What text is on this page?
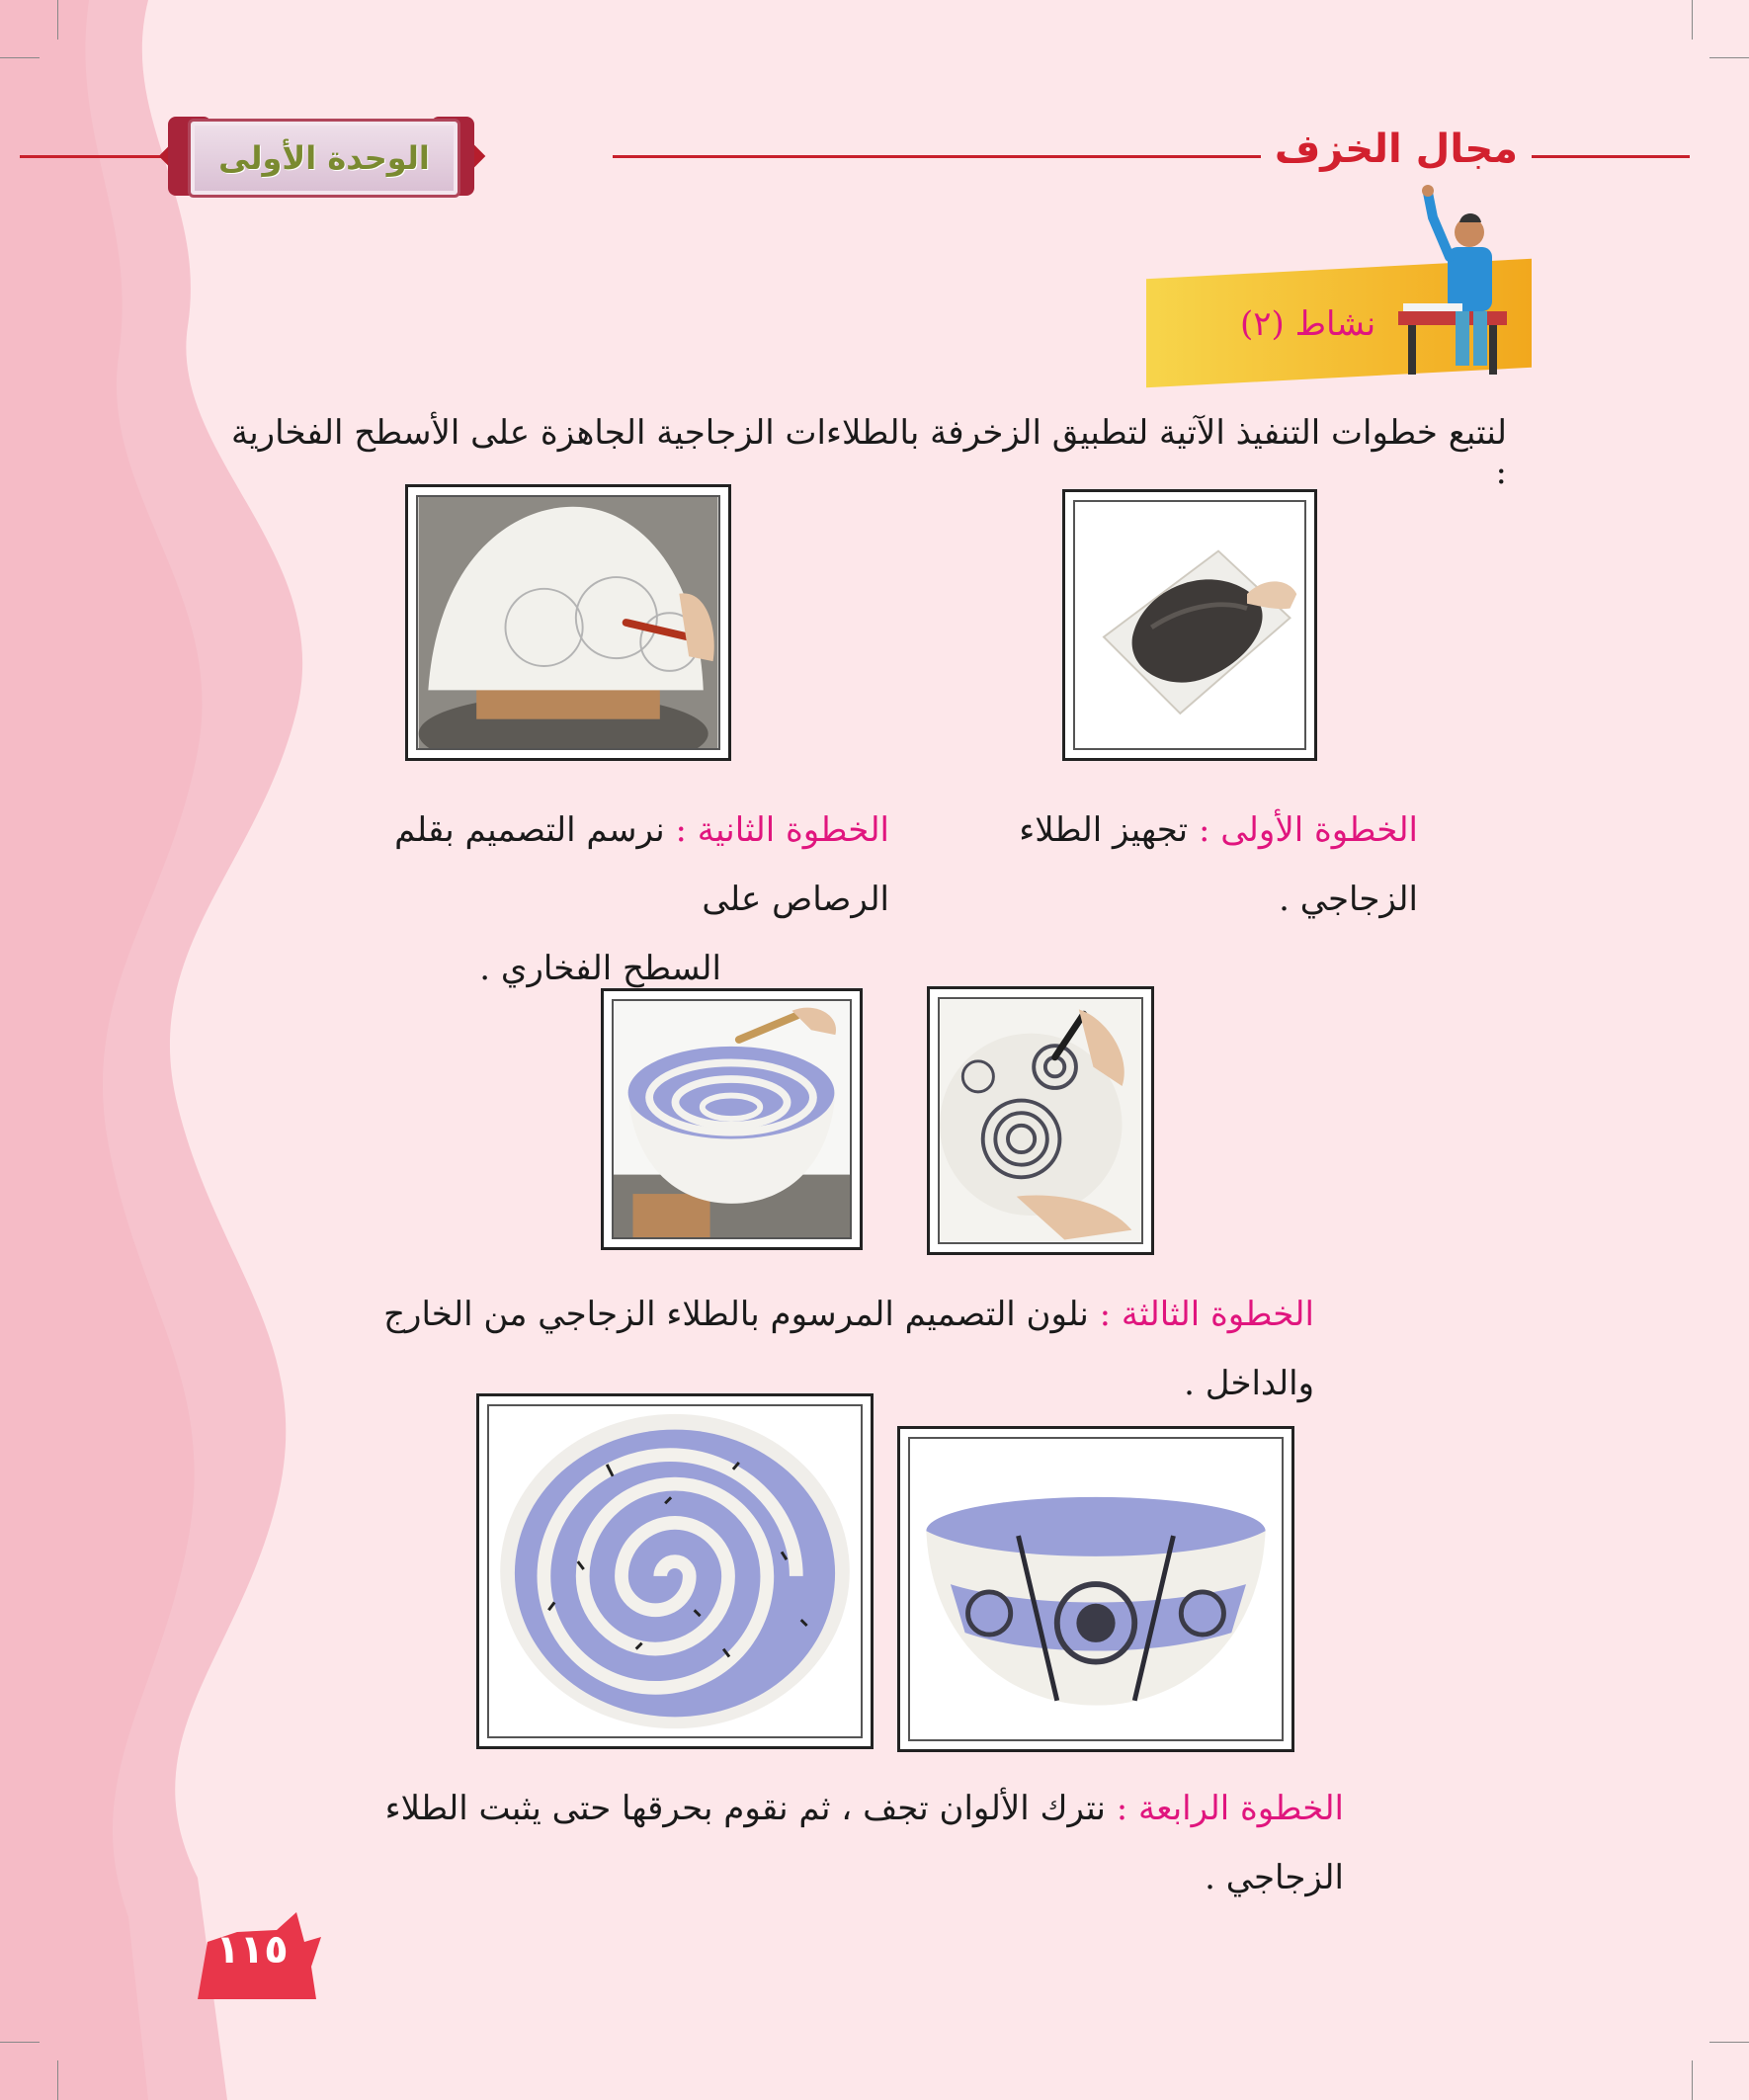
الوحدة الأولى	مجال الخزف
نشاط (٢)
لنتبع خطوات التنفيذ الآتية لتطبيق الزخرفة بالطلاءات الزجاجية الجاهزة على الأسطح الفخارية :
الخطوة الأولى : تجهيز الطلاء الزجاجي .
الخطوة الثانية : نرسم التصميم بقلم الرصاص على
السطح الفخاري .
الخطوة الثالثة : نلون التصميم المرسوم بالطلاء الزجاجي من الخارج والداخل .
الخطوة الرابعة : نترك الألوان تجف ، ثم نقوم بحرقها حتى يثبت الطلاء الزجاجي .
١١٥
